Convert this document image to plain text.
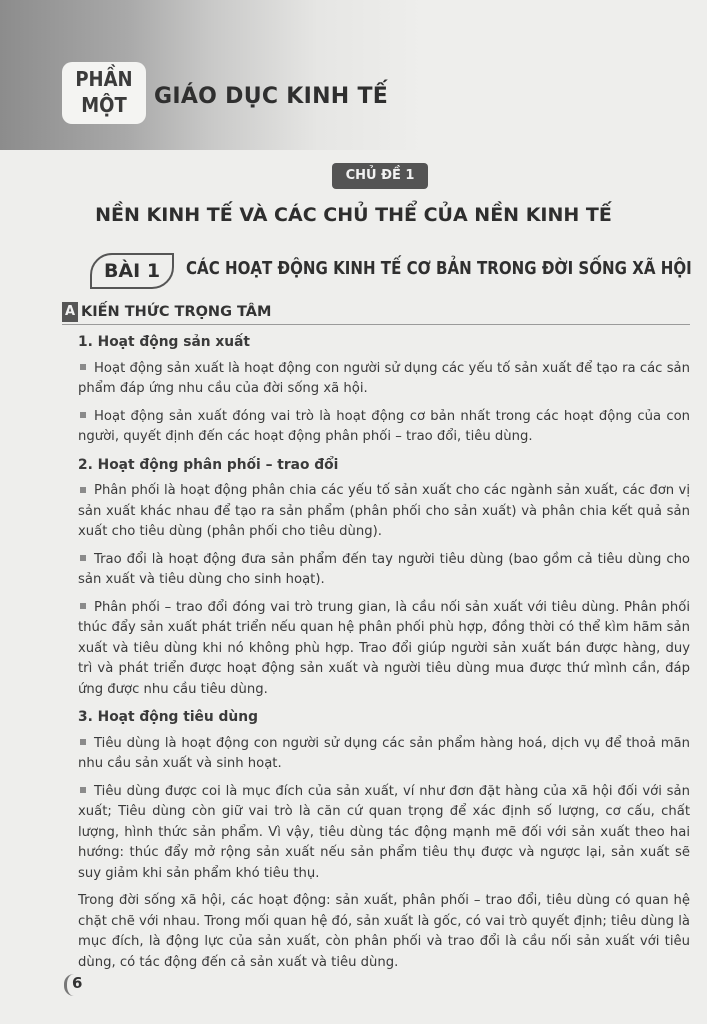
PHẦN
MỘT	GIÁO DỤC KINH TẾ
CHỦ ĐỀ 1
NỀN KINH TẾ VÀ CÁC CHỦ THỂ CỦA NỀN KINH TẾ
BÀI 1	CÁC HOẠT ĐỘNG KINH TẾ CƠ BẢN TRONG ĐỜI SỐNG XÃ HỘI
A KIẾN THỨC TRỌNG TÂM
1. Hoạt động sản xuất
Hoạt động sản xuất là hoạt động con người sử dụng các yếu tố sản xuất để tạo ra các sản phẩm đáp ứng nhu cầu của đời sống xã hội.
Hoạt động sản xuất đóng vai trò là hoạt động cơ bản nhất trong các hoạt động của con người, quyết định đến các hoạt động phân phối – trao đổi, tiêu dùng.
2. Hoạt động phân phối – trao đổi
Phân phối là hoạt động phân chia các yếu tố sản xuất cho các ngành sản xuất, các đơn vị sản xuất khác nhau để tạo ra sản phẩm (phân phối cho sản xuất) và phân chia kết quả sản xuất cho tiêu dùng (phân phối cho tiêu dùng).
Trao đổi là hoạt động đưa sản phẩm đến tay người tiêu dùng (bao gồm cả tiêu dùng cho sản xuất và tiêu dùng cho sinh hoạt).
Phân phối – trao đổi đóng vai trò trung gian, là cầu nối sản xuất với tiêu dùng. Phân phối thúc đẩy sản xuất phát triển nếu quan hệ phân phối phù hợp, đồng thời có thể kìm hãm sản xuất và tiêu dùng khi nó không phù hợp. Trao đổi giúp người sản xuất bán được hàng, duy trì và phát triển được hoạt động sản xuất và người tiêu dùng mua được thứ mình cần, đáp ứng được nhu cầu tiêu dùng.
3. Hoạt động tiêu dùng
Tiêu dùng là hoạt động con người sử dụng các sản phẩm hàng hoá, dịch vụ để thoả mãn nhu cầu sản xuất và sinh hoạt.
Tiêu dùng được coi là mục đích của sản xuất, ví như đơn đặt hàng của xã hội đối với sản xuất; Tiêu dùng còn giữ vai trò là căn cứ quan trọng để xác định số lượng, cơ cấu, chất lượng, hình thức sản phẩm. Vì vậy, tiêu dùng tác động mạnh mẽ đối với sản xuất theo hai hướng: thúc đẩy mở rộng sản xuất nếu sản phẩm tiêu thụ được và ngược lại, sản xuất sẽ suy giảm khi sản phẩm khó tiêu thụ.
Trong đời sống xã hội, các hoạt động: sản xuất, phân phối – trao đổi, tiêu dùng có quan hệ chặt chẽ với nhau. Trong mối quan hệ đó, sản xuất là gốc, có vai trò quyết định; tiêu dùng là mục đích, là động lực của sản xuất, còn phân phối và trao đổi là cầu nối sản xuất với tiêu dùng, có tác động đến cả sản xuất và tiêu dùng.
6
